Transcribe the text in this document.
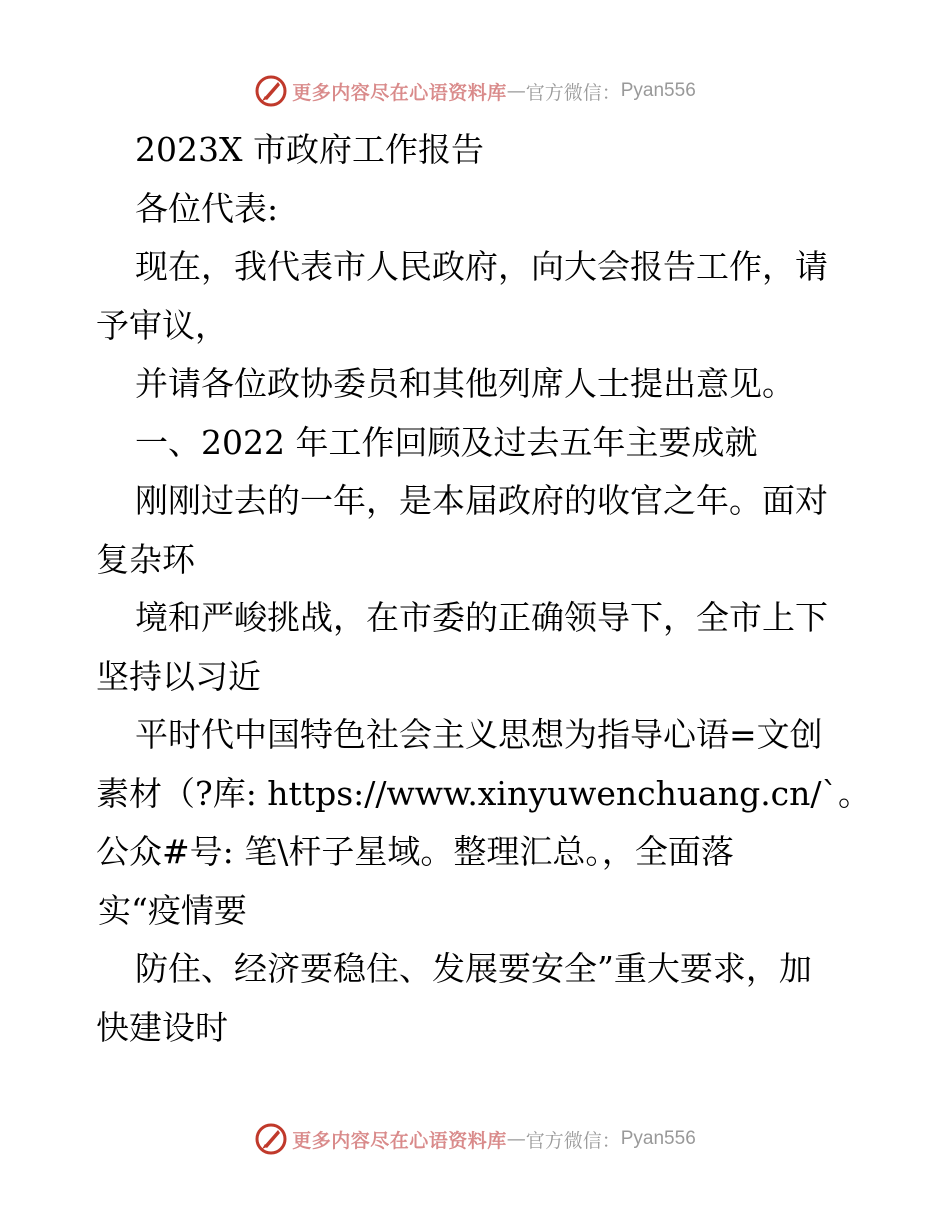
更多内容尽在心语资料库 — 官方微信： Pyan556
2023X 市政府工作报告
各位代表:
现在，我代表市人民政府，向大会报告工作，请
予审议，
并请各位政协委员和其他列席人士提出意见。
一、2022 年工作回顾及过去五年主要成就
刚刚过去的一年，是本届政府的收官之年。面对
复杂环
境和严峻挑战，在市委的正确领导下，全市上下
坚持以习近
平时代中国特色社会主义思想为指导心语=文创
素材（?库: https://www.xinyuwenchuang.cn/`。
公众#号: 笔\杆子星域。整理汇总。，全面落
实“疫情要
防住、经济要稳住、发展要安全”重大要求，加
快建设时
更多内容尽在心语资料库 — 官方微信： Pyan556
